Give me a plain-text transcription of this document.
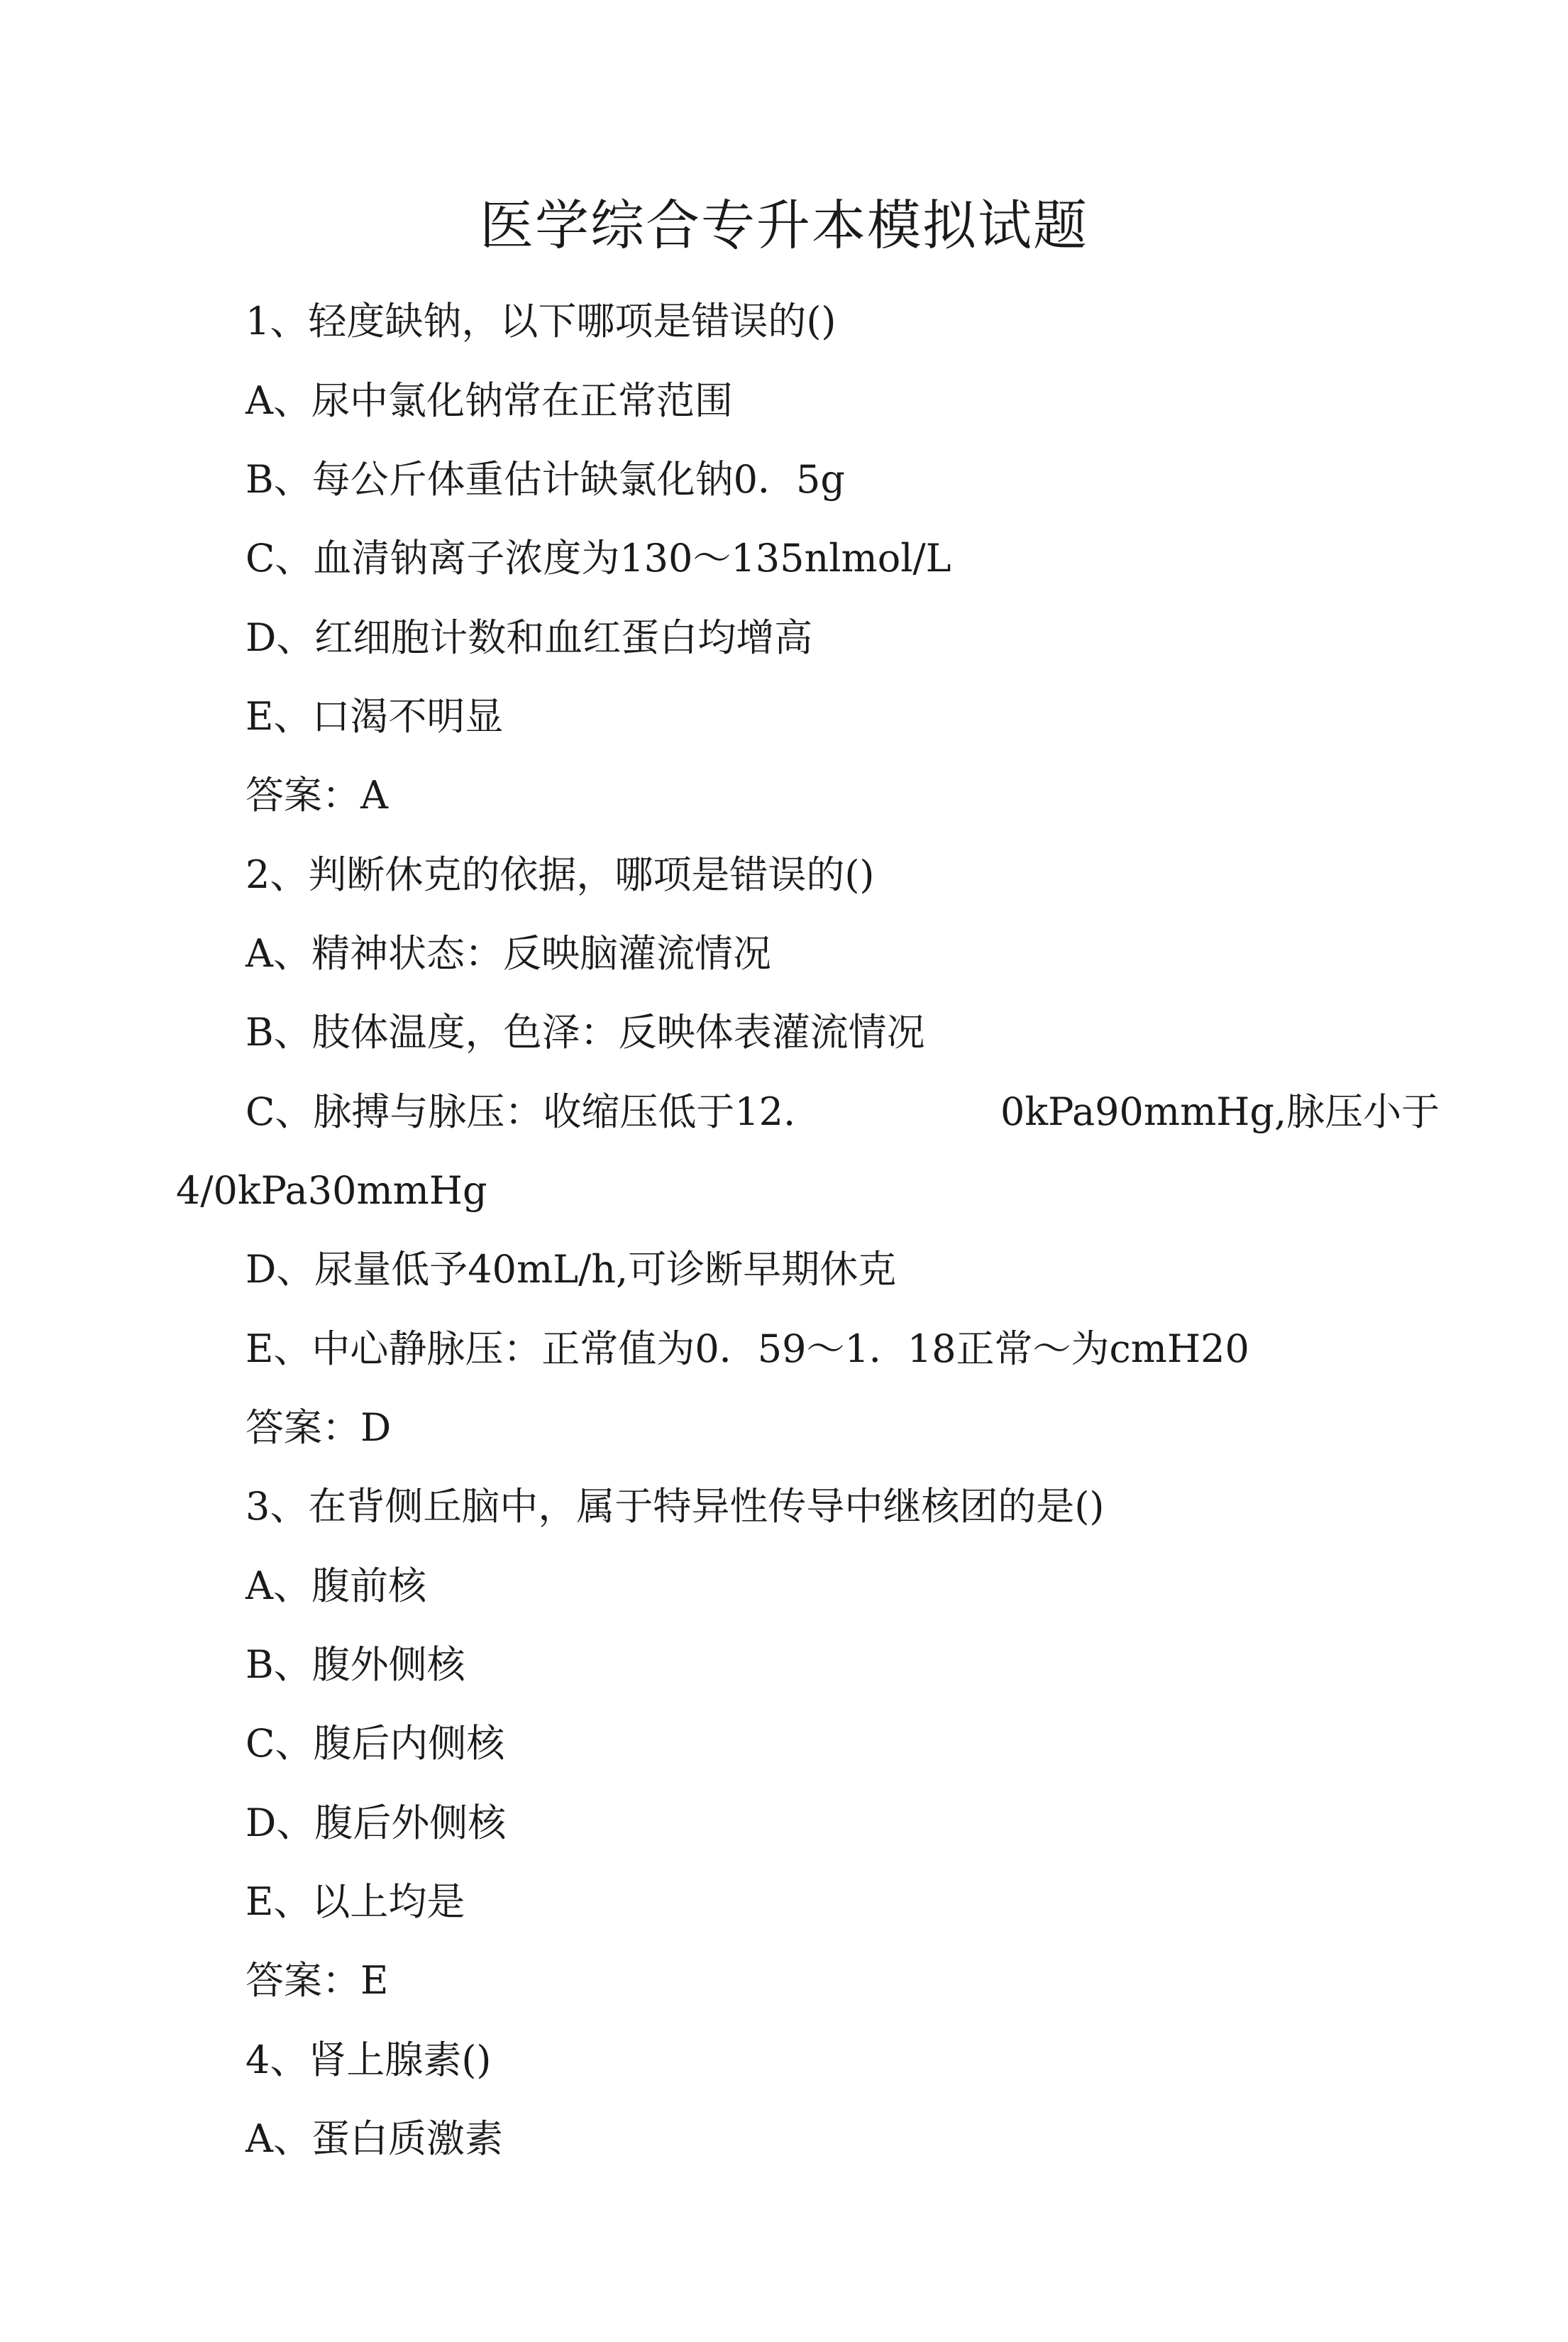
医学综合专升本模拟试题

1、轻度缺钠，以下哪项是错误的()

A、尿中氯化钠常在正常范围

B、每公斤体重估计缺氯化钠0．5g

C、血清钠离子浓度为130〜135nlmol/L

D、红细胞计数和血红蛋白均增高

E、口渴不明显

答案：A

2、判断休克的依据，哪项是错误的()

A、精神状态：反映脑灌流情况

B、肢体温度，色泽：反映体表灌流情况

C、脉搏与脉压：收缩压低于12.	0kPa90mmHg,脉压小于

4/0kPa30mmHg

D、尿量低予40mL/h,可诊断早期休克

E、中心静脉压：正常值为0．59〜1．18正常〜为cmH20

答案：D

3、在背侧丘脑中，属于特异性传导中继核团的是()

A、腹前核

B、腹外侧核

C、腹后内侧核

D、腹后外侧核

E、以上均是

答案：E

4、肾上腺素()

A、蛋白质激素
